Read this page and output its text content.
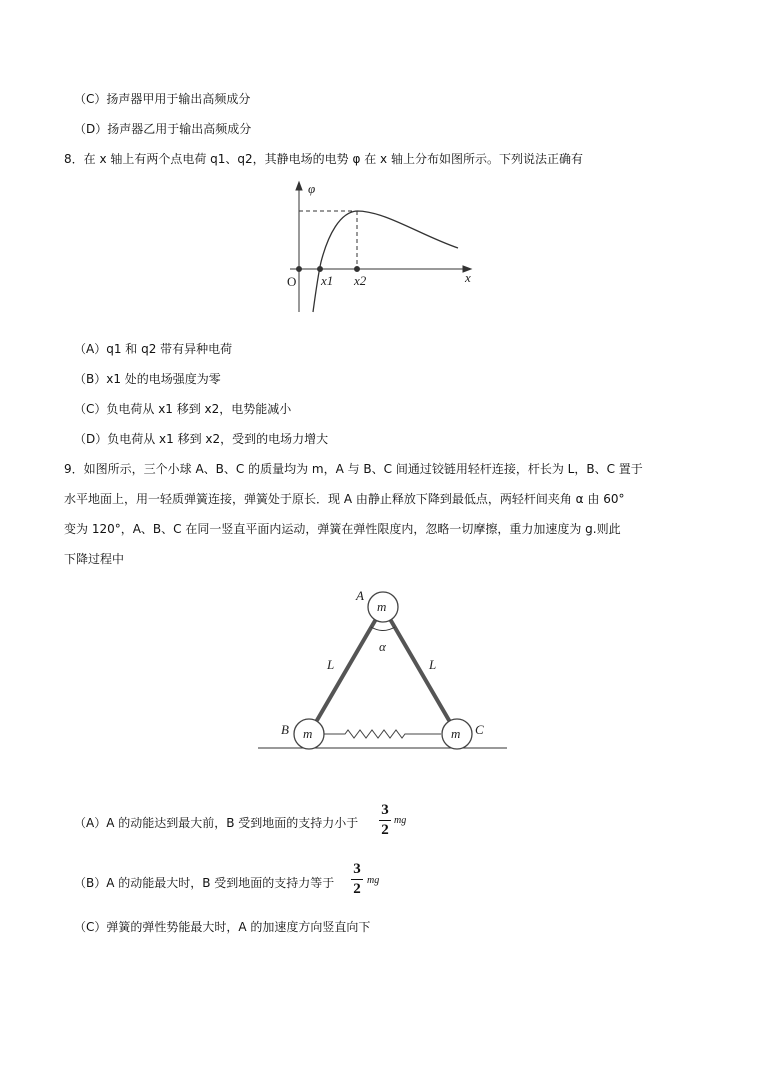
（C）扬声器甲用于输出高频成分
（D）扬声器乙用于输出高频成分
8．在 x 轴上有两个点电荷 q1、q2，其静电场的电势 φ 在 x 轴上分布如图所示。下列说法正确有
φ
O x1 x2	x
A
B	C
L	L
α
m
m	m
（A）q1 和 q2 带有异种电荷
（B）x1 处的电场强度为零
（C）负电荷从 x1 移到 x2，电势能减小
（D）负电荷从 x1 移到 x2，受到的电场力增大
9．如图所示，三个小球 A、B、C 的质量均为 m，A 与 B、C 间通过铰链用轻杆连接，杆长为 L，B、C 置于
水平地面上，用一轻质弹簧连接，弹簧处于原长．现 A 由静止释放下降到最低点，两轻杆间夹角 α 由 60°
变为 120°，A、B、C 在同一竖直平面内运动，弹簧在弹性限度内，忽略一切摩擦，重力加速度为 g.则此
下降过程中
（A）A 的动能达到最大前，B 受到地面的支持力小于
3
2
mg
（B）A 的动能最大时，B 受到地面的支持力等于
3
2
mg
（C）弹簧的弹性势能最大时，A 的加速度方向竖直向下
